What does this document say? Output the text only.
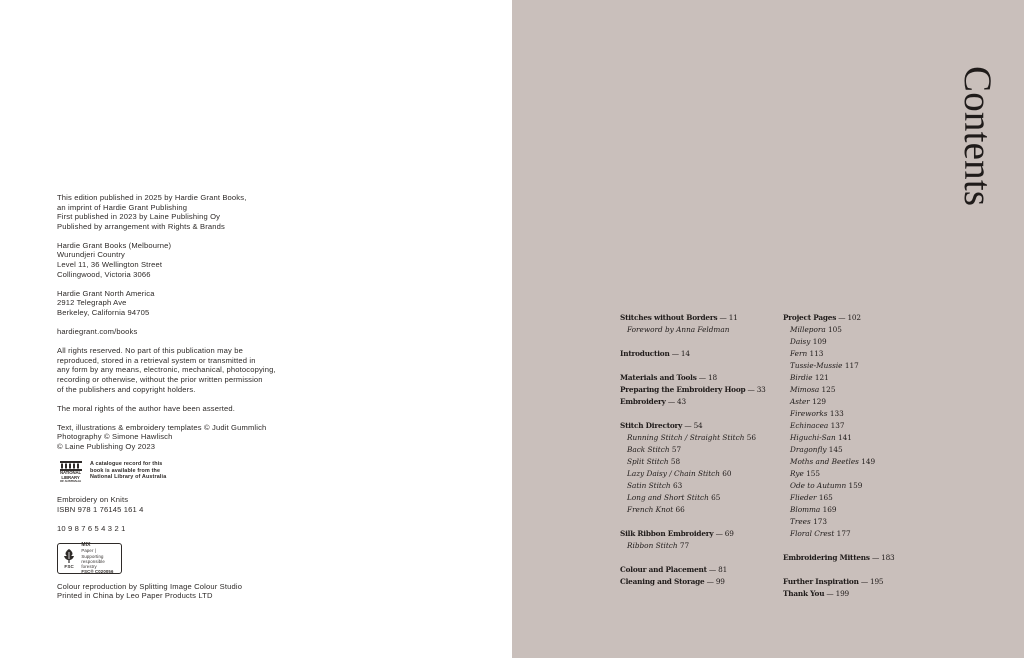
This edition published in 2025 by Hardie Grant Books,
an imprint of Hardie Grant Publishing
First published in 2023 by Laine Publishing Oy
Published by arrangement with Rights & Brands
Hardie Grant Books (Melbourne)
Wurundjeri Country
Level 11, 36 Wellington Street
Collingwood, Victoria 3066
Hardie Grant North America
2912 Telegraph Ave
Berkeley, California 94705
hardiegrant.com/books
All rights reserved. No part of this publication may be
reproduced, stored in a retrieval system or transmitted in
any form by any means, electronic, mechanical, photocopying,
recording or otherwise, without the prior written permission
of the publishers and copyright holders.
The moral rights of the author have been asserted.
Text, illustrations & embroidery templates © Judit Gummlich
Photography © Simone Hawlisch
© Laine Publishing Oy 2023
NATIONAL
LIBRARY
OF AUSTRALIA
A catalogue record for this book is available from the National Library of Australia
Embroidery on Knits
ISBN 978 1 76145 161 4
10 9 8 7 6 5 4 3 2 1
FSC
MIX
Paper | Supporting
responsible forestry
FSC® C020056
Colour reproduction by Splitting Image Colour Studio
Printed in China by Leo Paper Products LTD
Contents
Stitches without Borders — 11
Foreword by Anna Feldman
Introduction — 14
Materials and Tools — 18
Preparing the Embroidery Hoop — 33
Embroidery — 43
Stitch Directory — 54
Running Stitch / Straight Stitch 56
Back Stitch 57
Split Stitch 58
Lazy Daisy / Chain Stitch 60
Satin Stitch 63
Long and Short Stitch 65
French Knot 66
Silk Ribbon Embroidery — 69
Ribbon Stitch 77
Colour and Placement — 81
Cleaning and Storage — 99
Project Pages — 102
Millepora 105
Daisy 109
Fern 113
Tussie-Mussie 117
Birdie 121
Mimosa 125
Aster 129
Fireworks 133
Echinacea 137
Higuchi-San 141
Dragonfly 145
Moths and Beetles 149
Rye 155
Ode to Autumn 159
Flieder 165
Blomma 169
Trees 173
Floral Crest 177
Embroidering Mittens — 183
Further Inspiration — 195
Thank You — 199
